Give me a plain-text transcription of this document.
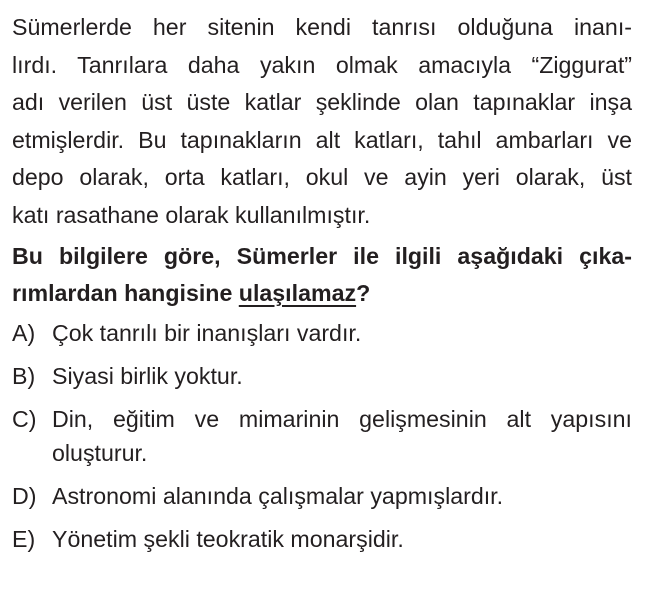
Sümerlerde her sitenin kendi tanrısı olduğuna inanı-
lırdı. Tanrılara daha yakın olmak amacıyla “Ziggurat”
adı verilen üst üste katlar şeklinde olan tapınaklar inşa
etmişlerdir. Bu tapınakların alt katları, tahıl ambarları ve
depo olarak, orta katları, okul ve ayin yeri olarak, üst
katı rasathane olarak kullanılmıştır.
Bu bilgilere göre, Sümerler ile ilgili aşağıdaki çıka-
rımlardan hangisine ulaşılamaz?
A) Çok tanrılı bir inanışları vardır.
B) Siyasi birlik yoktur.
C) Din, eğitim ve mimarinin gelişmesinin alt yapısını
oluşturur.
D) Astronomi alanında çalışmalar yapmışlardır.
E) Yönetim şekli teokratik monarşidir.
